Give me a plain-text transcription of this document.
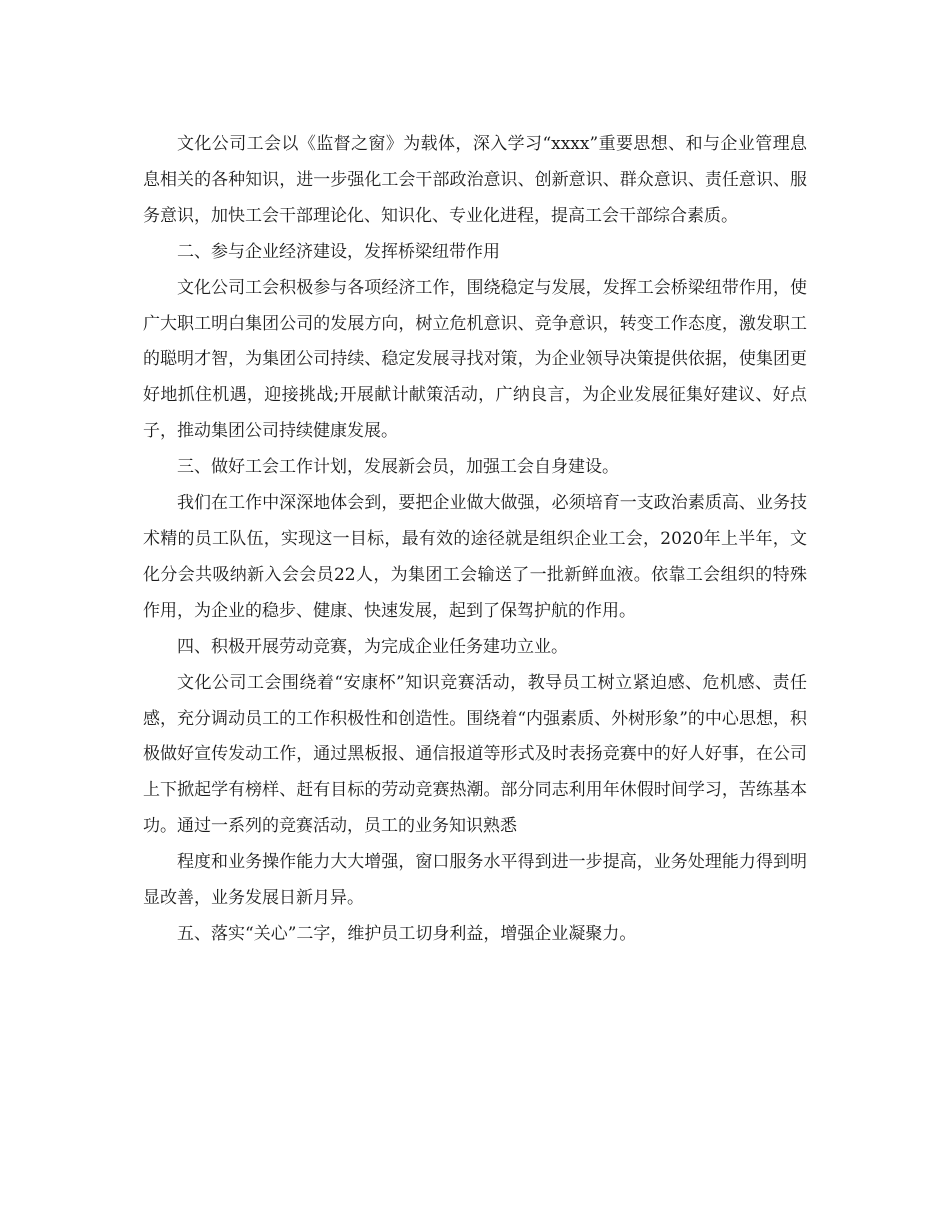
文化公司工会以《监督之窗》为载体，深入学习“xxxx”重要思想、和与企业管理息息相关的各种知识，进一步强化工会干部政治意识、创新意识、群众意识、责任意识、服务意识，加快工会干部理论化、知识化、专业化进程，提高工会干部综合素质。

二、参与企业经济建设，发挥桥梁纽带作用

文化公司工会积极参与各项经济工作，围绕稳定与发展，发挥工会桥梁纽带作用，使广大职工明白集团公司的发展方向，树立危机意识、竞争意识，转变工作态度，激发职工的聪明才智，为集团公司持续、稳定发展寻找对策，为企业领导决策提供依据，使集团更好地抓住机遇，迎接挑战;开展献计献策活动，广纳良言，为企业发展征集好建议、好点子，推动集团公司持续健康发展。

三、做好工会工作计划，发展新会员，加强工会自身建设。

我们在工作中深深地体会到，要把企业做大做强，必须培育一支政治素质高、业务技术精的员工队伍，实现这一目标，最有效的途径就是组织企业工会，2020年上半年，文化分会共吸纳新入会会员22人，为集团工会输送了一批新鲜血液。依靠工会组织的特殊作用，为企业的稳步、健康、快速发展，起到了保驾护航的作用。

四、积极开展劳动竞赛，为完成企业任务建功立业。

文化公司工会围绕着“安康杯”知识竞赛活动，教导员工树立紧迫感、危机感、责任感，充分调动员工的工作积极性和创造性。围绕着“内强素质、外树形象”的中心思想，积极做好宣传发动工作，通过黑板报、通信报道等形式及时表扬竞赛中的好人好事，在公司上下掀起学有榜样、赶有目标的劳动竞赛热潮。部分同志利用年休假时间学习，苦练基本功。通过一系列的竞赛活动，员工的业务知识熟悉

程度和业务操作能力大大增强，窗口服务水平得到进一步提高，业务处理能力得到明显改善，业务发展日新月异。

五、落实“关心”二字，维护员工切身利益，增强企业凝聚力。
